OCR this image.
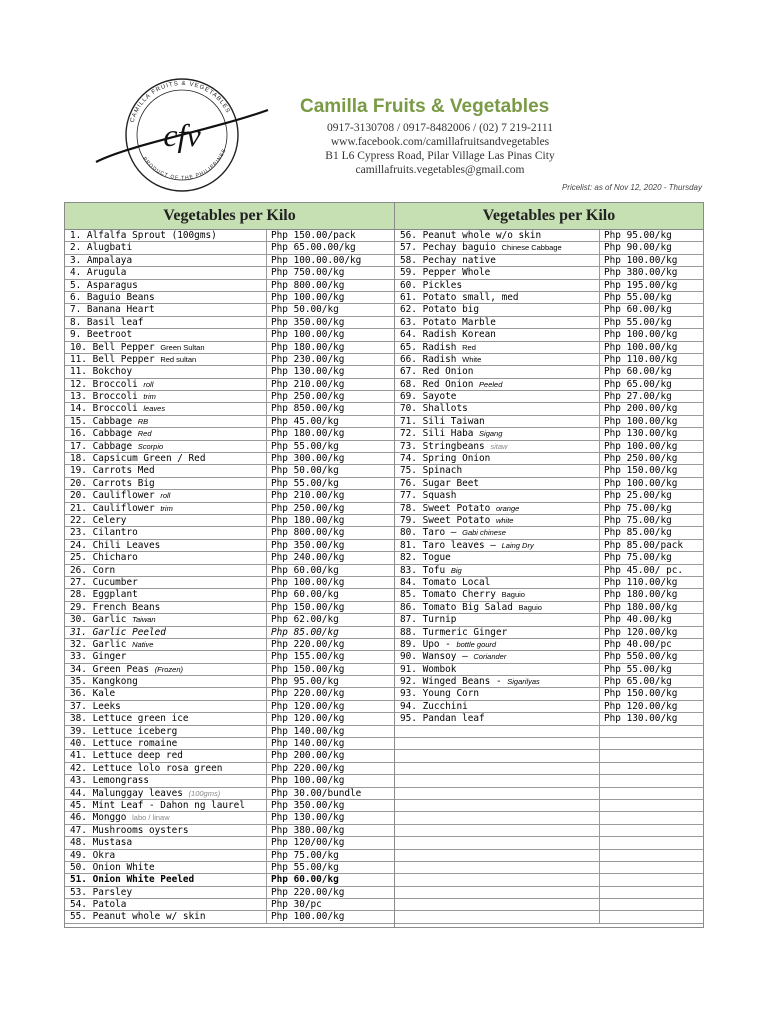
CAMILLA FRUITS & VEGETABLES
PRODUCT OF THE PHILIPPINES
cfv
Camilla Fruits & Vegetables
0917-3130708 / 0917-8482006 / (02) 7 219-2111
www.facebook.com/camillafruitsandvegetables
B1 L6 Cypress Road, Pilar Village Las Pinas City
camillafruits.vegetables@gmail.com
Pricelist: as of Nov 12, 2020 - Thursday
Vegetables per Kilo
1. Alfalfa Sprout (100gms)	Php 150.00/pack
2. Alugbati	Php 65.00.00/kg
3. Ampalaya	Php 100.00.00/kg
4. Arugula	Php 750.00/kg
5. Asparagus	Php 800.00/kg
6. Baguio Beans	Php 100.00/kg
7. Banana Heart	Php 50.00/kg
8. Basil leaf	Php 350.00/kg
9. Beetroot	Php 100.00/kg
10. Bell Pepper Green Sultan	Php 180.00/kg
11. Bell Pepper Red sultan	Php 230.00/kg
11. Bokchoy	Php 130.00/kg
12. Broccoli roll	Php 210.00/kg
13. Broccoli trim	Php 250.00/kg
14. Broccoli leaves	Php 850.00/kg
15. Cabbage RB	Php 45.00/kg
16. Cabbage Red	Php 180.00/kg
17. Cabbage Scorpio	Php 55.00/kg
18. Capsicum Green / Red	Php 300.00/kg
19. Carrots Med	Php 50.00/kg
20. Carrots Big	Php 55.00/kg
20. Cauliflower roll	Php 210.00/kg
21. Cauliflower trim	Php 250.00/kg
22. Celery	Php 180.00/kg
23. Cilantro	Php 800.00/kg
24. Chili Leaves	Php 350.00/kg
25. Chicharo	Php 240.00/kg
26. Corn	Php 60.00/kg
27. Cucumber	Php 100.00/kg
28. Eggplant	Php 60.00/kg
29. French Beans	Php 150.00/kg
30. Garlic Taiwan	Php 62.00/kg
31. Garlic Peeled	Php 85.00/kg
32. Garlic Native	Php 220.00/kg
33. Ginger	Php 155.00/kg
34. Green Peas (Frozen)	Php 150.00/kg
35. Kangkong	Php 95.00/kg
36. Kale	Php 220.00/kg
37. Leeks	Php 120.00/kg
38. Lettuce green ice	Php 120.00/kg
39. Lettuce iceberg	Php 140.00/kg
40. Lettuce romaine	Php 140.00/kg
41. Lettuce deep red	Php 200.00/kg
42. Lettuce lolo rosa green	Php 220.00/kg
43. Lemongrass	Php 100.00/kg
44. Malunggay leaves (100gms)	Php 30.00/bundle
45. Mint Leaf - Dahon ng laurel	Php 350.00/kg
46. Monggo labo / linaw	Php 130.00/kg
47. Mushrooms oysters	Php 380.00/kg
48. Mustasa	Php 120/00/kg
49. Okra	Php 75.00/kg
50. Onion White	Php 55.00/kg
51. Onion White Peeled	Php 60.00/kg
53. Parsley	Php 220.00/kg
54. Patola	Php 30/pc
55. Peanut whole w/ skin	Php 100.00/kg
Vegetables per Kilo
56. Peanut whole w/o skin	Php 95.00/kg
57. Pechay baguio Chinese Cabbage	Php 90.00/kg
58. Pechay native	Php 100.00/kg
59. Pepper Whole	Php 380.00/kg
60. Pickles	Php 195.00/kg
61. Potato small, med	Php 55.00/kg
62. Potato big	Php 60.00/kg
63. Potato Marble	Php 55.00/kg
64. Radish Korean	Php 100.00/kg
65. Radish Red	Php 100.00/kg
66. Radish White	Php 110.00/kg
67. Red Onion	Php 60.00/kg
68. Red Onion Peeled	Php 65.00/kg
69. Sayote	Php 27.00/kg
70. Shallots	Php 200.00/kg
71. Sili Taiwan	Php 100.00/kg
72. Sili Haba Sigang	Php 130.00/kg
73. Stringbeans sitaw	Php 100.00/kg
74. Spring Onion	Php 250.00/kg
75. Spinach	Php 150.00/kg
76. Sugar Beet	Php 100.00/kg
77. Squash	Php 25.00/kg
78. Sweet Potato orange	Php 75.00/kg
79. Sweet Potato white	Php 75.00/kg
80. Taro – Gabi chinese	Php 85.00/kg
81. Taro leaves – Laing Dry	Php 85.00/pack
82. Togue	Php 75.00/kg
83. Tofu Big	Php 45.00/ pc.
84. Tomato Local	Php 110.00/kg
85. Tomato Cherry Baguio	Php 180.00/kg
86. Tomato Big Salad Baguio	Php 180.00/kg
87. Turnip	Php 40.00/kg
88. Turmeric Ginger	Php 120.00/kg
89. Upo - bottle gourd	Php 40.00/pc
90. Wansoy – Coriander	Php 550.00/kg
91. Wombok	Php 55.00/kg
92. Winged Beans - Sigarilyas	Php 65.00/kg
93. Young Corn	Php 150.00/kg
94. Zucchini	Php 120.00/kg
95. Pandan leaf	Php 130.00/kg
